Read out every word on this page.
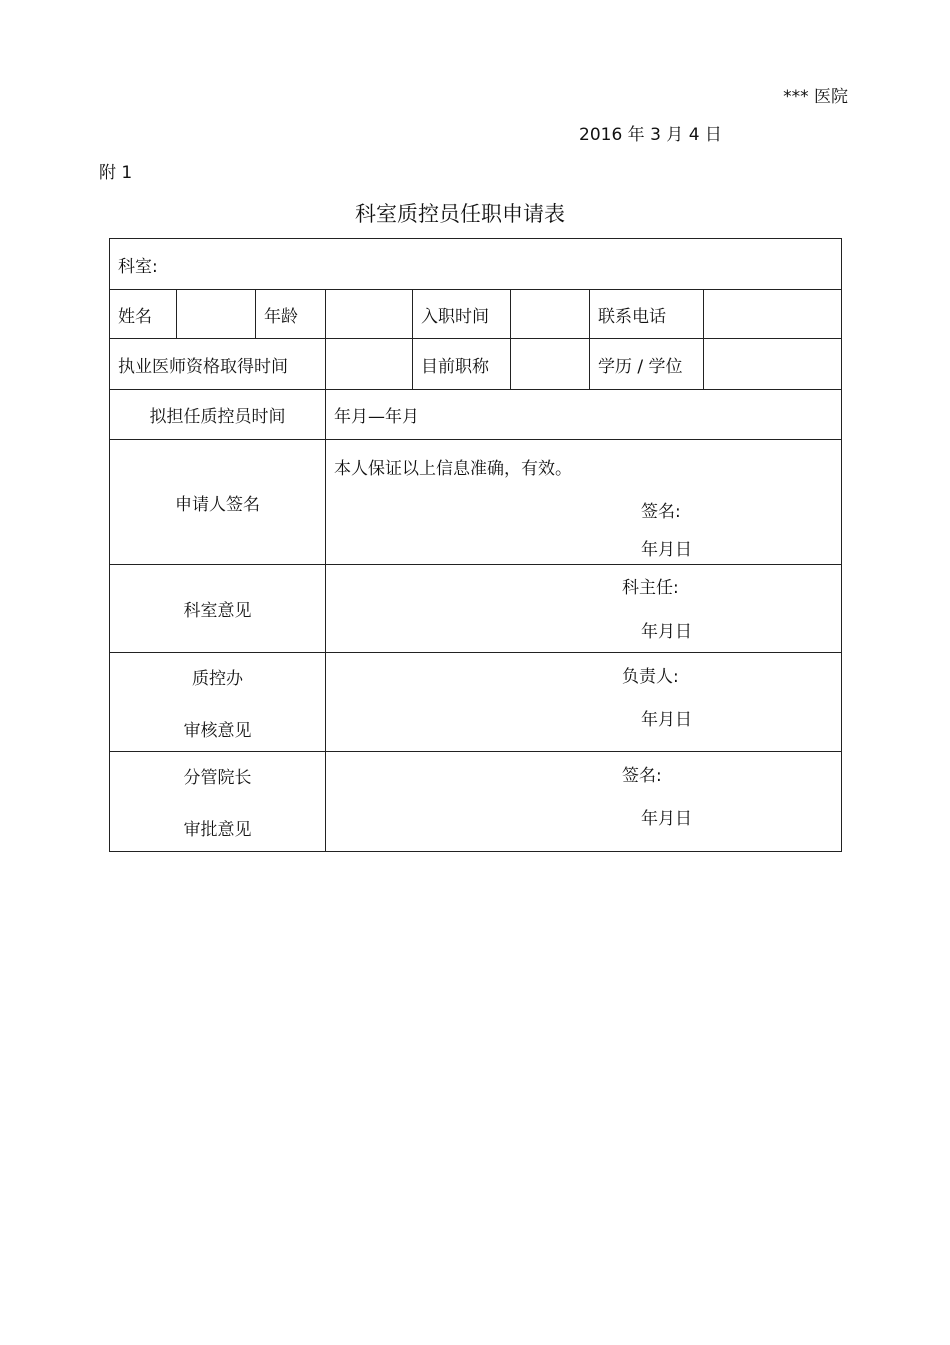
*** 医院
2016 年 3 月 4 日
附 1
科室质控员任职申请表
科室:							
姓名		年龄		入职时间		联系电话	
执业医师资格取得时间				目前职称		学历 / 学位	
拟担任质控员时间			年月—年月				
申请人签名			本人保证以上信息准确，有效。
签名:
年月日				

科室意见			科主任:
年月日				

质控办
审核意见			负责人:
年月日				

分管院长
审批意见			签名:
年月日				
